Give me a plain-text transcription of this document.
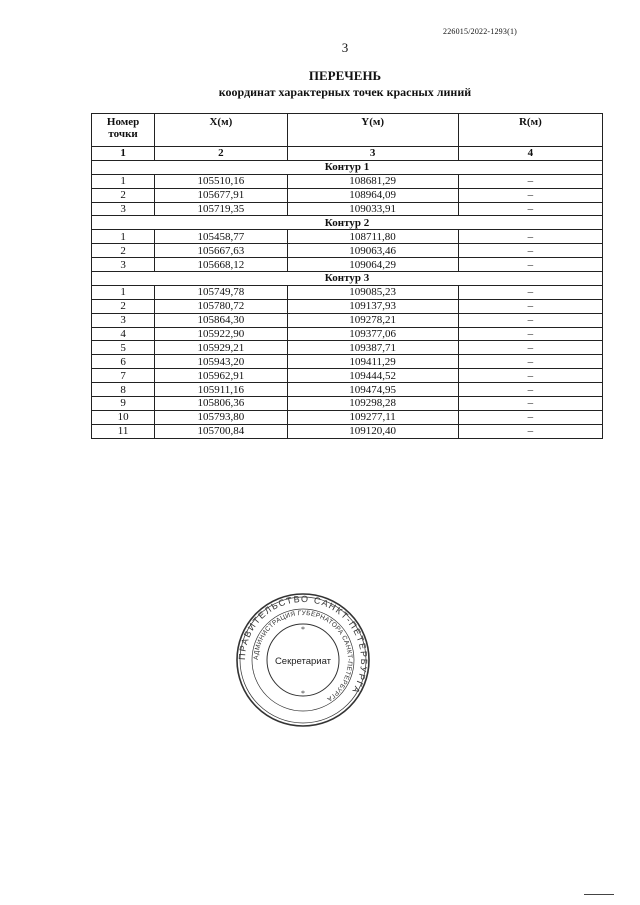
226015/2022-1293(1)
3
ПЕРЕЧЕНЬ
координат характерных точек красных линий
Номер точки	X(м)	Y(м)	R(м)
1	2	3	4
Контур 1			
1	105510,16	108681,29	–
2	105677,91	108964,09	–
3	105719,35	109033,91	–
Контур 2			
1	105458,77	108711,80	–
2	105667,63	109063,46	–
3	105668,12	109064,29	–
Контур 3			
1	105749,78	109085,23	–
2	105780,72	109137,93	–
3	105864,30	109278,21	–
4	105922,90	109377,06	–
5	105929,21	109387,71	–
6	105943,20	109411,29	–
7	105962,91	109444,52	–
8	105911,16	109474,95	–
9	105806,36	109298,28	–
10	105793,80	109277,11	–
11	105700,84	109120,40	–
ПРАВИТЕЛЬСТВО САНКТ-ПЕТЕРБУРГА
АДМИНИСТРАЦИЯ ГУБЕРНАТОРА САНКТ-ПЕТЕРБУРГА
Секретариат
*
*
